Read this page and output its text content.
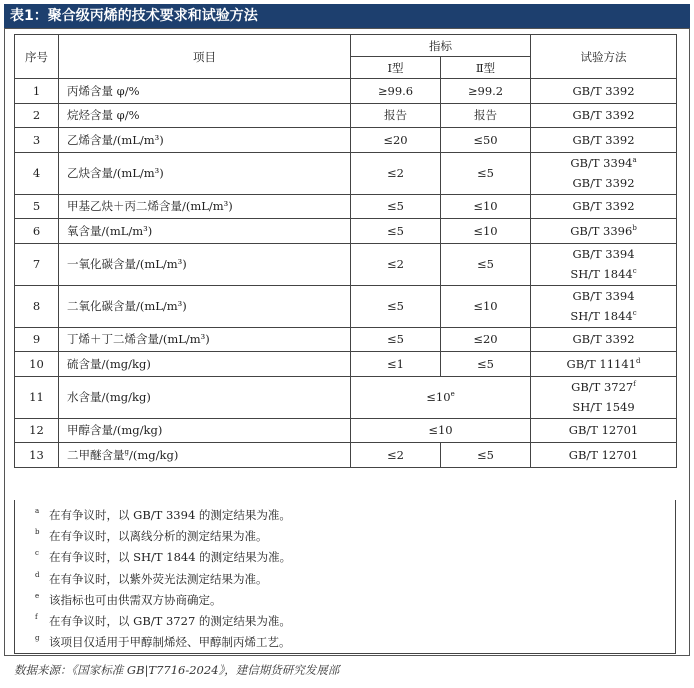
表1：聚合级丙烯的技术要求和试验方法
序号	项目	指标		试验方法
		Ⅰ型	Ⅱ型	
1	丙烯含量 φ/%	≥99.6	≥99.2	GB/T 3392

2	烷烃含量 φ/%	报告	报告	GB/T 3392

3	乙烯含量/(mL/m³)	≤20	≤50	GB/T 3392

4	乙炔含量/(mL/m³)	≤2	≤5	GB/T 3394$^a$
GB/T 3392

5	甲基乙炔＋丙二烯含量/(mL/m³)	≤5	≤10	GB/T 3392

6	氧含量/(mL/m³)	≤5	≤10	GB/T 3396$^b$

7	一氧化碳含量/(mL/m³)	≤2	≤5	GB/T 3394
SH/T 1844$^c$

8	二氧化碳含量/(mL/m³)	≤5	≤10	GB/T 3394
SH/T 1844$^c$

9	丁烯＋丁二烯含量/(mL/m³)	≤5	≤20	GB/T 3392

10	硫含量/(mg/kg)	≤1	≤5	GB/T 11141$^d$

11	水含量/(mg/kg)	$\le 10^e$		GB/T 3727$^f$
SH/T 1549

12	甲醇含量/(mg/kg)	≤10		GB/T 12701

13	二甲醚含量$^g$/(mg/kg)	≤2	≤5	GB/T 12701
a 在有争议时，以 GB/T 3394 的测定结果为准。
b 在有争议时，以离线分析的测定结果为准。
c 在有争议时，以 SH/T 1844 的测定结果为准。
d 在有争议时，以紫外荧光法测定结果为准。
e 该指标也可由供需双方协商确定。
f 在有争议时，以 GB/T 3727 的测定结果为准。
g 该项目仅适用于甲醇制烯烃、甲醇制丙烯工艺。
数据来源：《国家标准 GB|T7716-2024》，建信期货研究发展部
